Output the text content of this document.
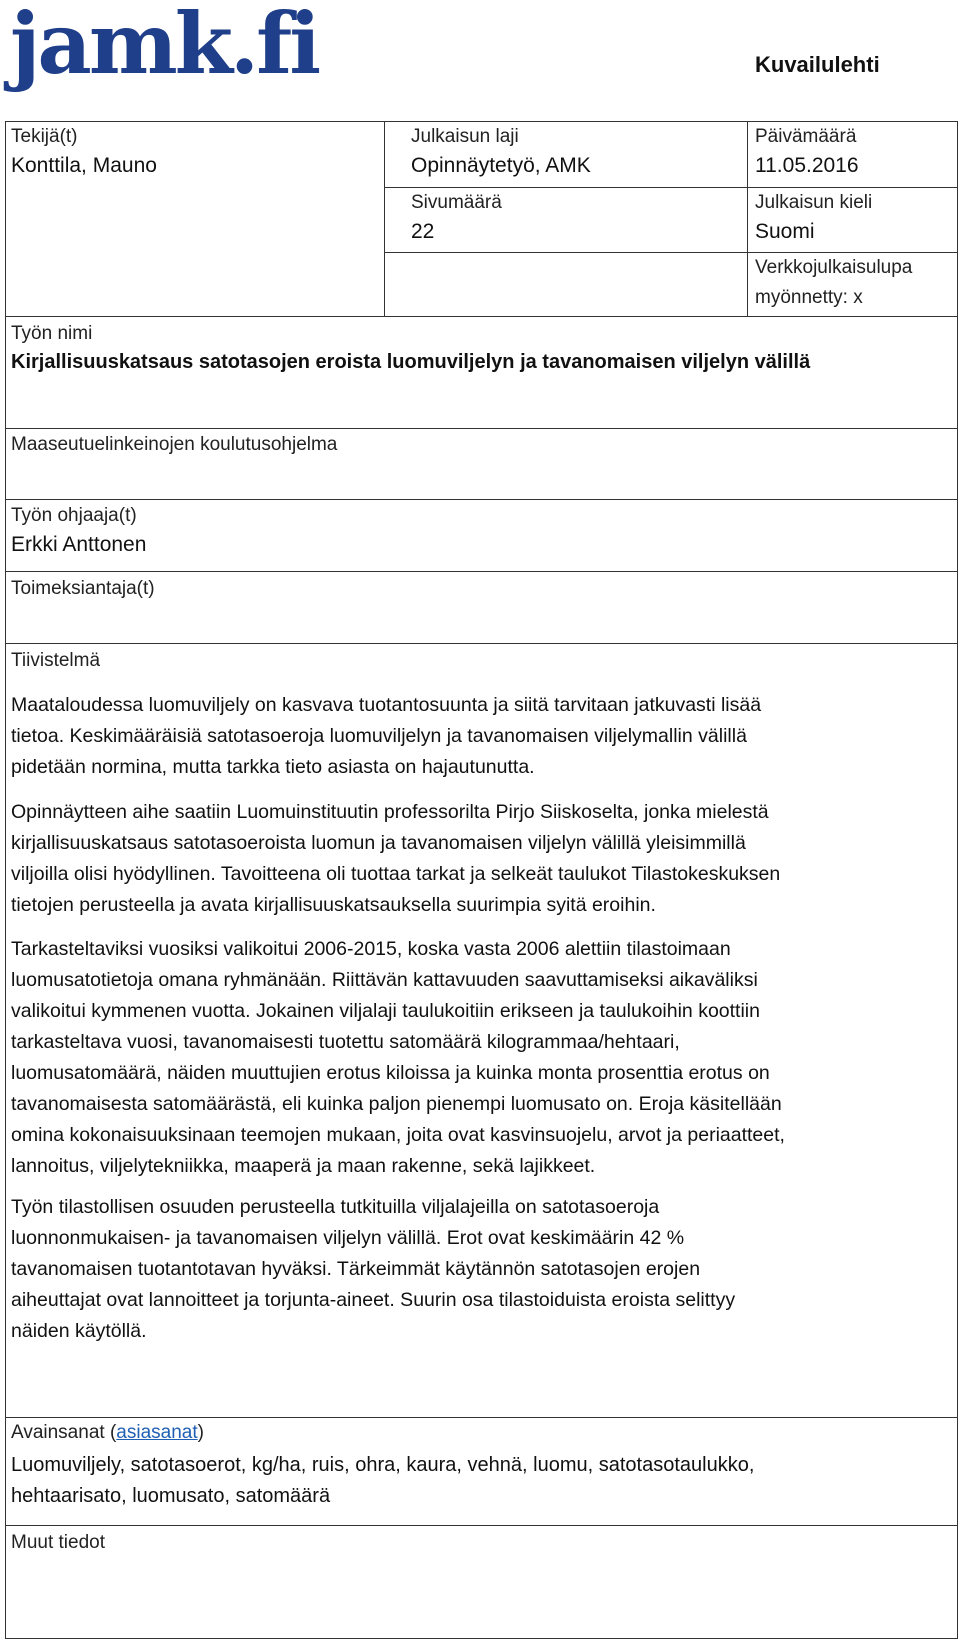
jamk.fi	Kuvailulehti
Tekijä(t)
Konttila, Mauno
Julkaisun laji
Opinnäytetyö, AMK
Päivämäärä
11.05.2016
Sivumäärä
22
Julkaisun kieli
Suomi
Verkkojulkaisulupa
myönnetty: x
Työn nimi
Kirjallisuuskatsaus satotasojen eroista luomuviljelyn ja tavanomaisen viljelyn välillä
Maaseutuelinkeinojen koulutusohjelma
Työn ohjaaja(t)
Erkki Anttonen
Toimeksiantaja(t)
Tiivistelmä
Maataloudessa luomuviljely on kasvava tuotantosuunta ja siitä tarvitaan jatkuvasti lisää
tietoa. Keskimääräisiä satotasoeroja luomuviljelyn ja tavanomaisen viljelymallin välillä
pidetään normina, mutta tarkka tieto asiasta on hajautunutta.
Opinnäytteen aihe saatiin Luomuinstituutin professorilta Pirjo Siiskoselta, jonka mielestä
kirjallisuuskatsaus satotasoeroista luomun ja tavanomaisen viljelyn välillä yleisimmillä
viljoilla olisi hyödyllinen. Tavoitteena oli tuottaa tarkat ja selkeät taulukot Tilastokeskuksen
tietojen perusteella ja avata kirjallisuuskatsauksella suurimpia syitä eroihin.
Tarkasteltaviksi vuosiksi valikoitui 2006-2015, koska vasta 2006 alettiin tilastoimaan
luomusatotietoja omana ryhmänään. Riittävän kattavuuden saavuttamiseksi aikaväliksi
valikoitui kymmenen vuotta. Jokainen viljalaji taulukoitiin erikseen ja taulukoihin koottiin
tarkasteltava vuosi, tavanomaisesti tuotettu satomäärä kilogrammaa/hehtaari,
luomusatomäärä, näiden muuttujien erotus kiloissa ja kuinka monta prosenttia erotus on
tavanomaisesta satomäärästä, eli kuinka paljon pienempi luomusato on. Eroja käsitellään
omina kokonaisuuksinaan teemojen mukaan, joita ovat kasvinsuojelu, arvot ja periaatteet,
lannoitus, viljelytekniikka, maaperä ja maan rakenne, sekä lajikkeet.
Työn tilastollisen osuuden perusteella tutkituilla viljalajeilla on satotasoeroja
luonnonmukaisen- ja tavanomaisen viljelyn välillä. Erot ovat keskimäärin 42 %
tavanomaisen tuotantotavan hyväksi. Tärkeimmät käytännön satotasojen erojen
aiheuttajat ovat lannoitteet ja torjunta-aineet. Suurin osa tilastoiduista eroista selittyy
näiden käytöllä.
Avainsanat (asiasanat)
Luomuviljely, satotasoerot, kg/ha, ruis, ohra, kaura, vehnä, luomu, satotasotaulukko,
hehtaarisato, luomusato, satomäärä
Muut tiedot
